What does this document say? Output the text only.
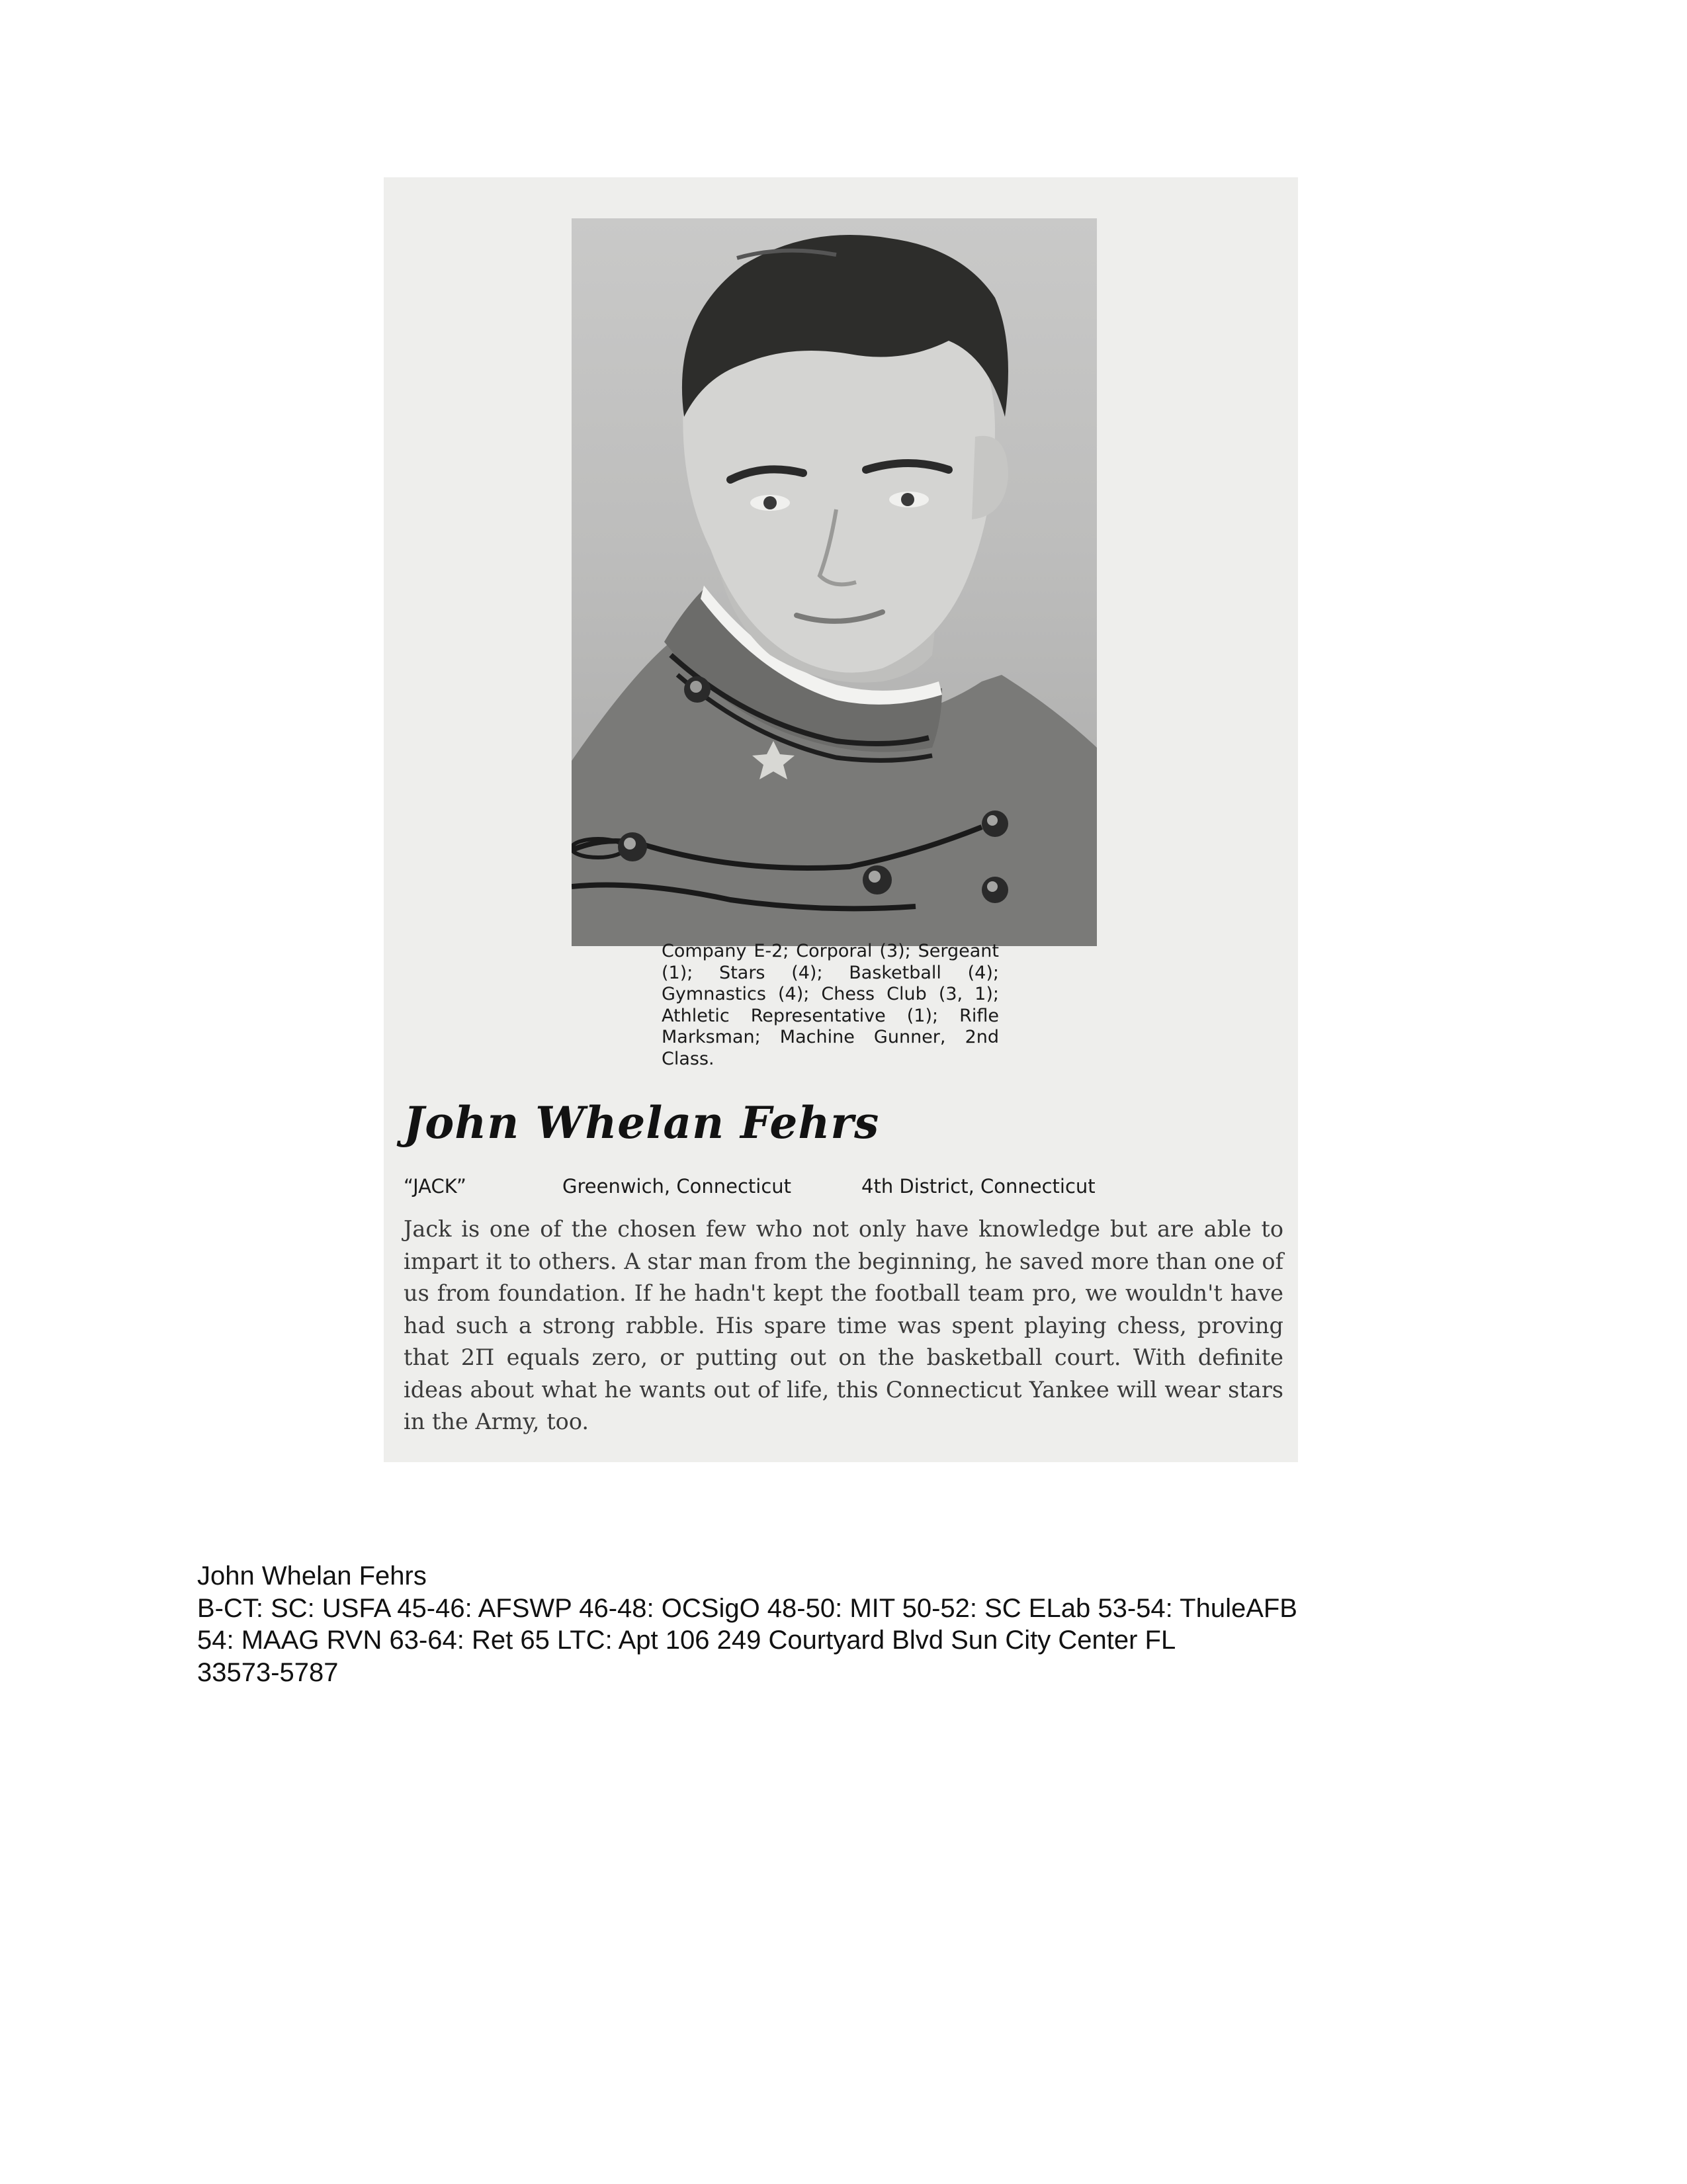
Company E-2; Corporal (3); Sergeant (1); Stars (4); Basketball (4); Gymnastics (4); Chess Club (3, 1); Athletic Representative (1); Rifle Marksman; Machine Gunner, 2nd Class.
John Whelan Fehrs
“JACK”	Greenwich, Connecticut	4th District, Connecticut
Jack is one of the chosen few who not only have knowledge but are able to impart it to others. A star man from the beginning, he saved more than one of us from foundation. If he hadn't kept the football team pro, we wouldn't have had such a strong rabble. His spare time was spent playing chess, proving that 2Π equals zero, or putting out on the basketball court. With definite ideas about what he wants out of life, this Connecticut Yankee will wear stars in the Army, too.
John Whelan Fehrs
B-CT: SC: USFA 45-46: AFSWP 46-48: OCSigO 48-50: MIT 50-52: SC ELab 53-54: ThuleAFB
54: MAAG RVN 63-64: Ret 65 LTC: Apt 106 249 Courtyard Blvd Sun City Center FL
33573-5787
